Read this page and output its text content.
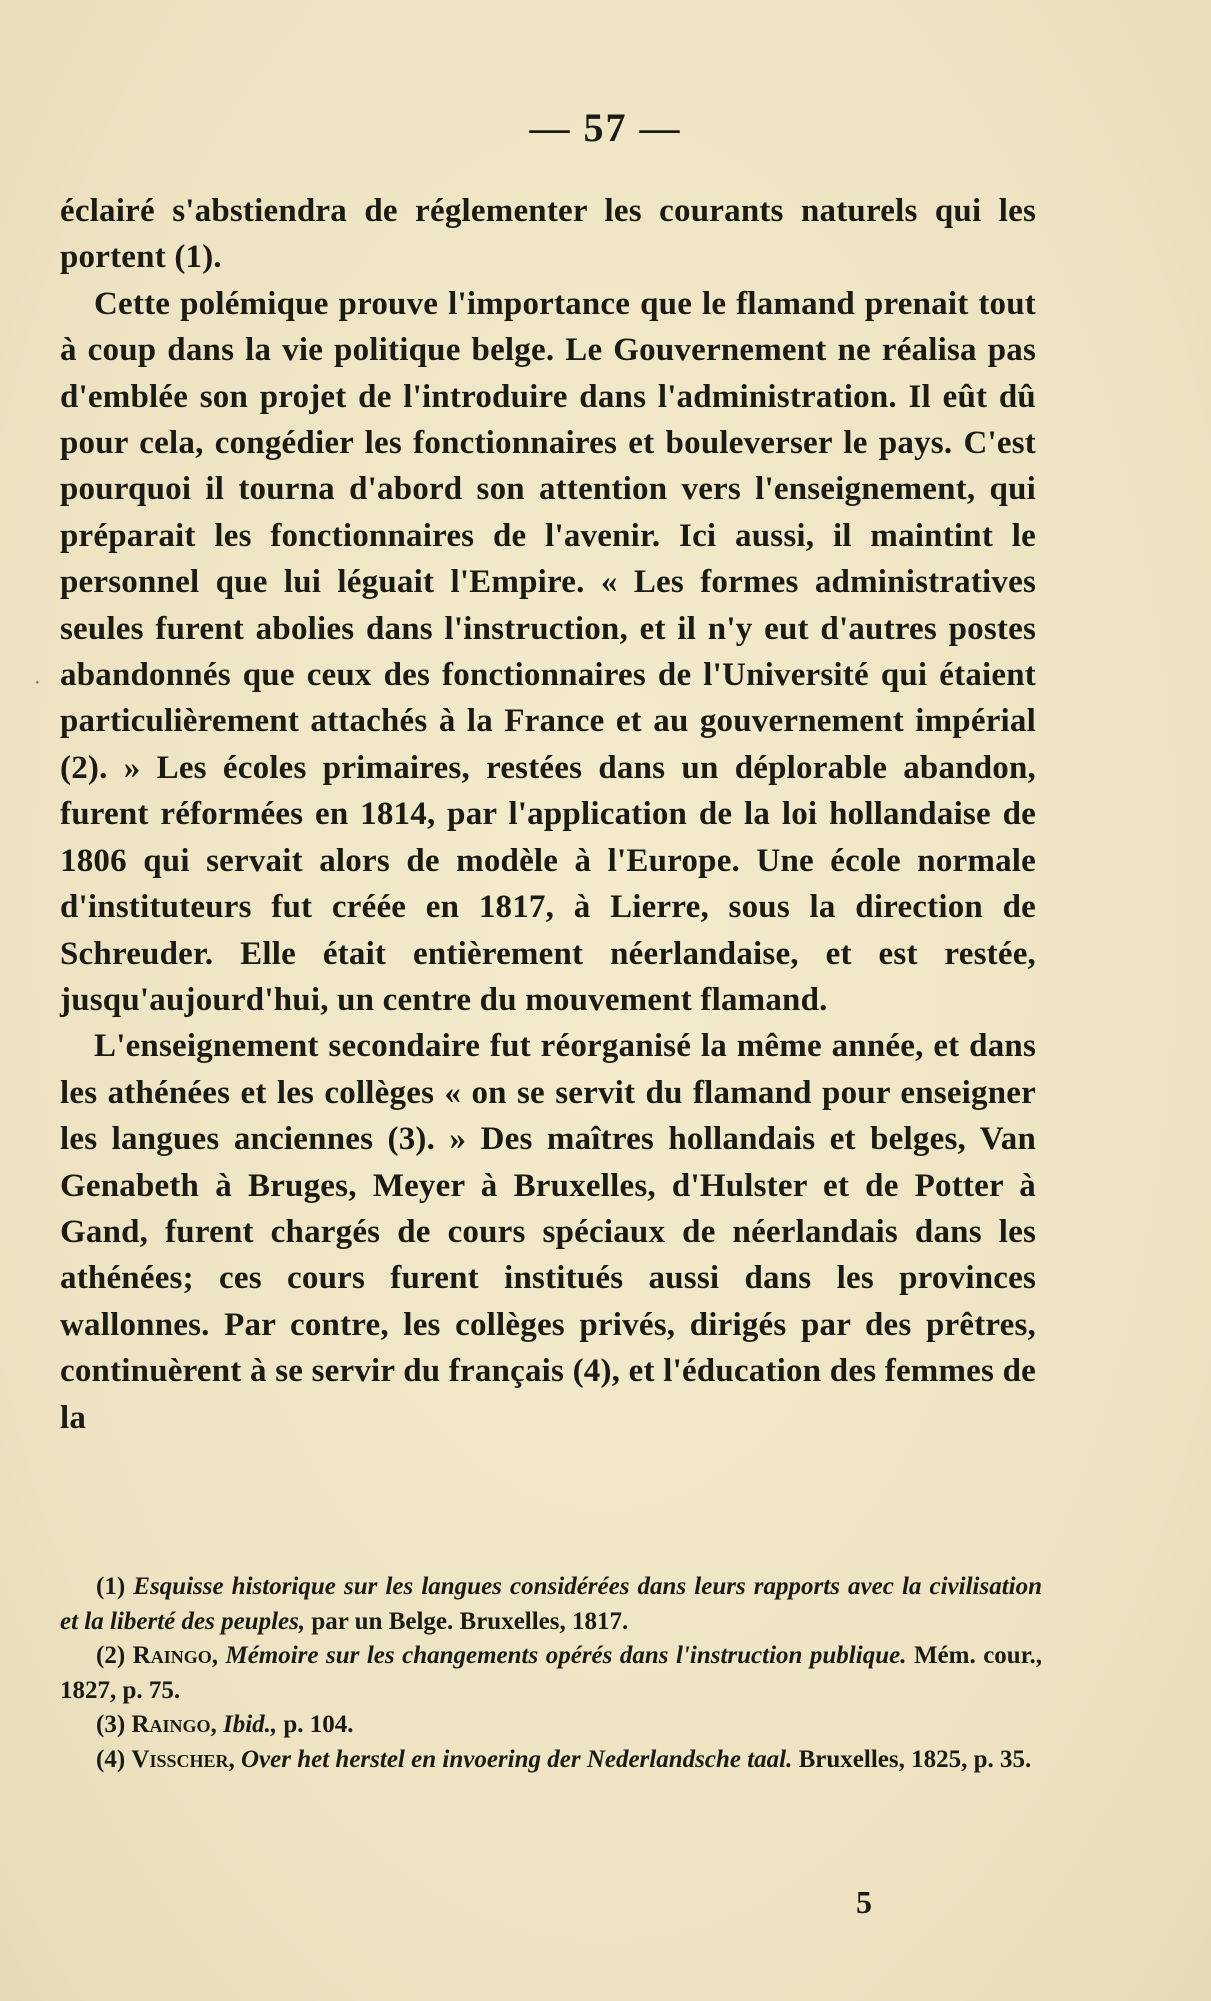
— 57 —
·

éclairé s'abstiendra de réglementer les courants naturels qui les portent (1).

Cette polémique prouve l'importance que le flamand prenait tout à coup dans la vie politique belge. Le Gouvernement ne réalisa pas d'emblée son projet de l'introduire dans l'administration. Il eût dû pour cela, congédier les fonctionnaires et bouleverser le pays. C'est pourquoi il tourna d'abord son attention vers l'enseignement, qui préparait les fonctionnaires de l'avenir. Ici aussi, il maintint le personnel que lui léguait l'Empire. « Les formes administratives seules furent abolies dans l'instruction, et il n'y eut d'autres postes abandonnés que ceux des fonctionnaires de l'Université qui étaient particulièrement attachés à la France et au gouvernement impérial (2). » Les écoles primaires, restées dans un déplorable abandon, furent réformées en 1814, par l'application de la loi hollandaise de 1806 qui servait alors de modèle à l'Europe. Une école normale d'instituteurs fut créée en 1817, à Lierre, sous la direction de Schreuder. Elle était entièrement néerlandaise, et est restée, jusqu'aujourd'hui, un centre du mouvement flamand.

L'enseignement secondaire fut réorganisé la même année, et dans les athénées et les collèges « on se servit du flamand pour enseigner les langues anciennes (3). » Des maîtres hollandais et belges, Van Genabeth à Bruges, Meyer à Bruxelles, d'Hulster et de Potter à Gand, furent chargés de cours spéciaux de néerlandais dans les athénées; ces cours furent institués aussi dans les provinces wallonnes. Par contre, les collèges privés, dirigés par des prêtres, continuèrent à se servir du français (4), et l'éducation des femmes de la

(1) Esquisse historique sur les langues considérées dans leurs rapports avec la civilisation et la liberté des peuples, par un Belge. Bruxelles, 1817.

(2) Raingo, Mémoire sur les changements opérés dans l'instruction publique. Mém. cour., 1827, p. 75.

(3) Raingo, Ibid., p. 104.

(4) Visscher, Over het herstel en invoering der Nederlandsche taal. Bruxelles, 1825, p. 35.

5
